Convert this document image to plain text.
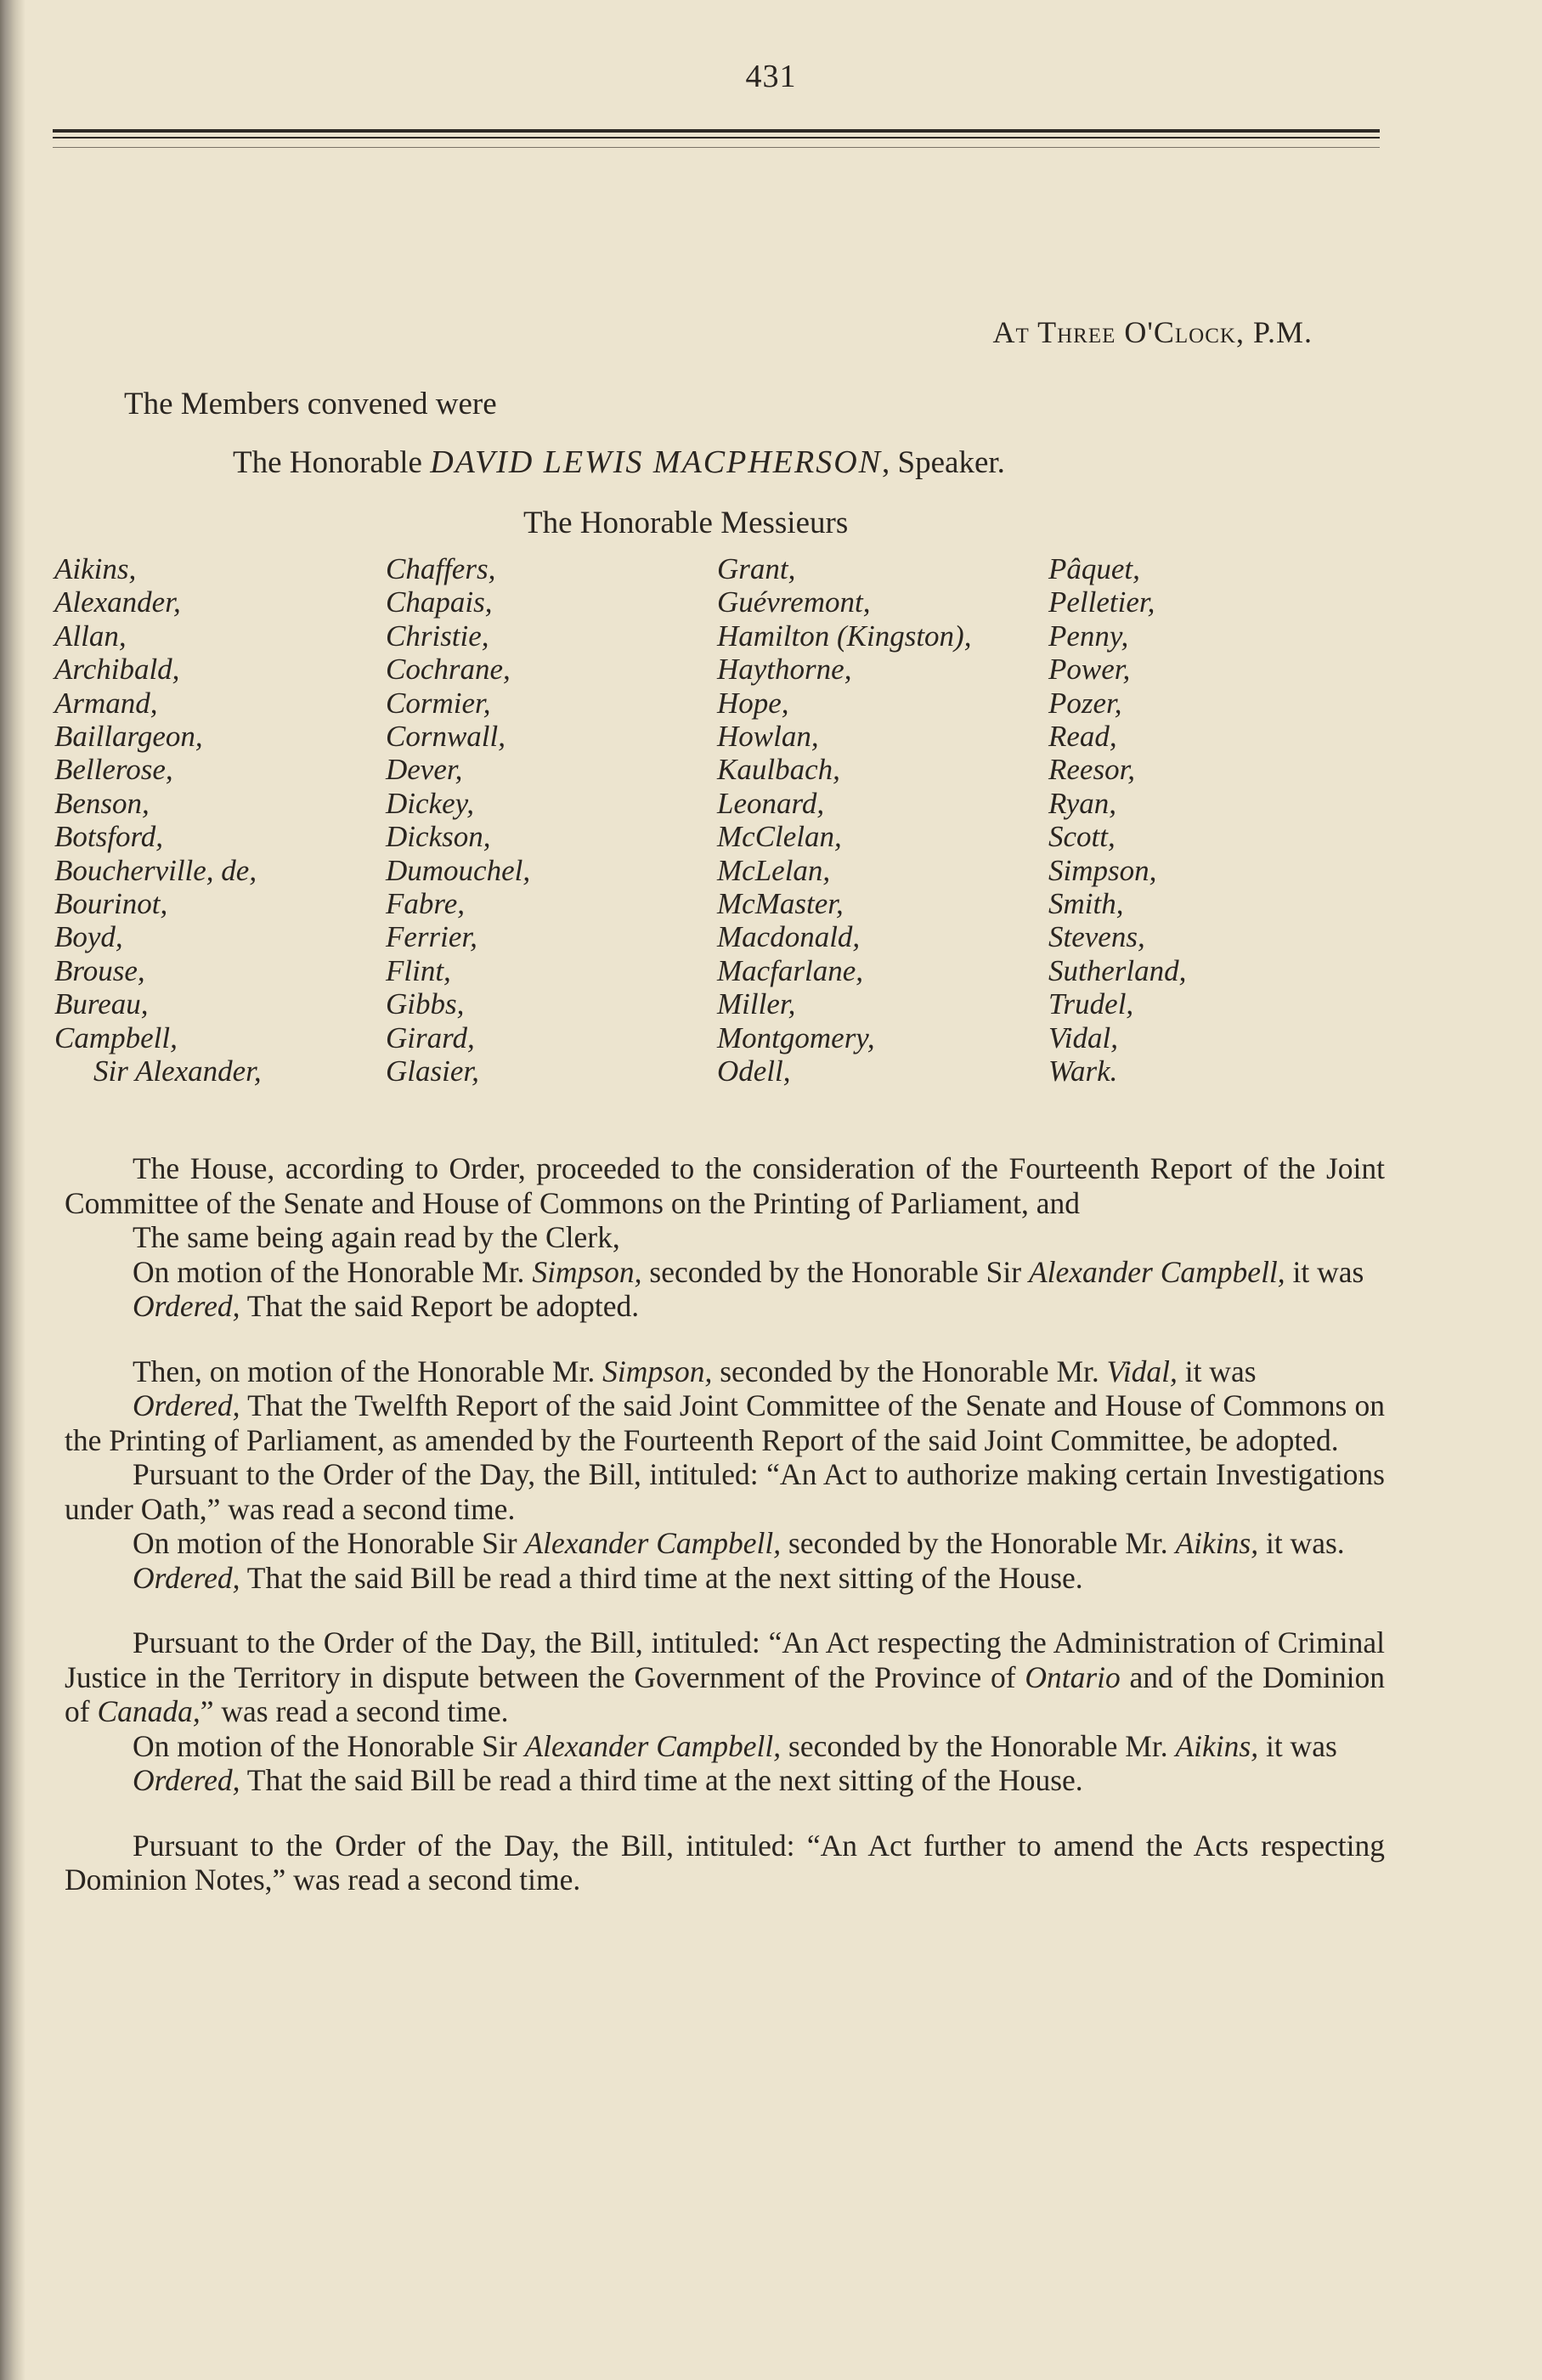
431
At Three O'Clock, P.M.
The Members convened were
The Honorable DAVID LEWIS MACPHERSON, Speaker.
The Honorable Messieurs
Aikins,
Alexander,
Allan,
Archibald,
Armand,
Baillargeon,
Bellerose,
Benson,
Botsford,
Boucherville, de,
Bourinot,
Boyd,
Brouse,
Bureau,
Campbell,
Sir Alexander,
Chaffers,
Chapais,
Christie,
Cochrane,
Cormier,
Cornwall,
Dever,
Dickey,
Dickson,
Dumouchel,
Fabre,
Ferrier,
Flint,
Gibbs,
Girard,
Glasier,
Grant,
Guévremont,
Hamilton (Kingston),
Haythorne,
Hope,
Howlan,
Kaulbach,
Leonard,
McClelan,
McLelan,
McMaster,
Macdonald,
Macfarlane,
Miller,
Montgomery,
Odell,
Pâquet,
Pelletier,
Penny,
Power,
Pozer,
Read,
Reesor,
Ryan,
Scott,
Simpson,
Smith,
Stevens,
Sutherland,
Trudel,
Vidal,
Wark.

The House, according to Order, proceeded to the consideration of the Fourteenth Report of the Joint Committee of the Senate and House of Commons on the Printing of Parliament, and

The same being again read by the Clerk,

On motion of the Honorable Mr. Simpson, seconded by the Honorable Sir Alexander Campbell, it was

Ordered, That the said Report be adopted.

Then, on motion of the Honorable Mr. Simpson, seconded by the Honorable Mr. Vidal, it was

Ordered, That the Twelfth Report of the said Joint Committee of the Senate and House of Commons on the Printing of Parliament, as amended by the Fourteenth Report of the said Joint Committee, be adopted.

Pursuant to the Order of the Day, the Bill, intituled: “An Act to authorize making certain Investigations under Oath,” was read a second time.

On motion of the Honorable Sir Alexander Campbell, seconded by the Honorable Mr. Aikins, it was.

Ordered, That the said Bill be read a third time at the next sitting of the House.

Pursuant to the Order of the Day, the Bill, intituled: “An Act respecting the Administration of Criminal Justice in the Territory in dispute between the Government of the Province of Ontario and of the Dominion of Canada,” was read a second time.

On motion of the Honorable Sir Alexander Campbell, seconded by the Honorable Mr. Aikins, it was

Ordered, That the said Bill be read a third time at the next sitting of the House.

Pursuant to the Order of the Day, the Bill, intituled: “An Act further to amend the Acts respecting Dominion Notes,” was read a second time.
